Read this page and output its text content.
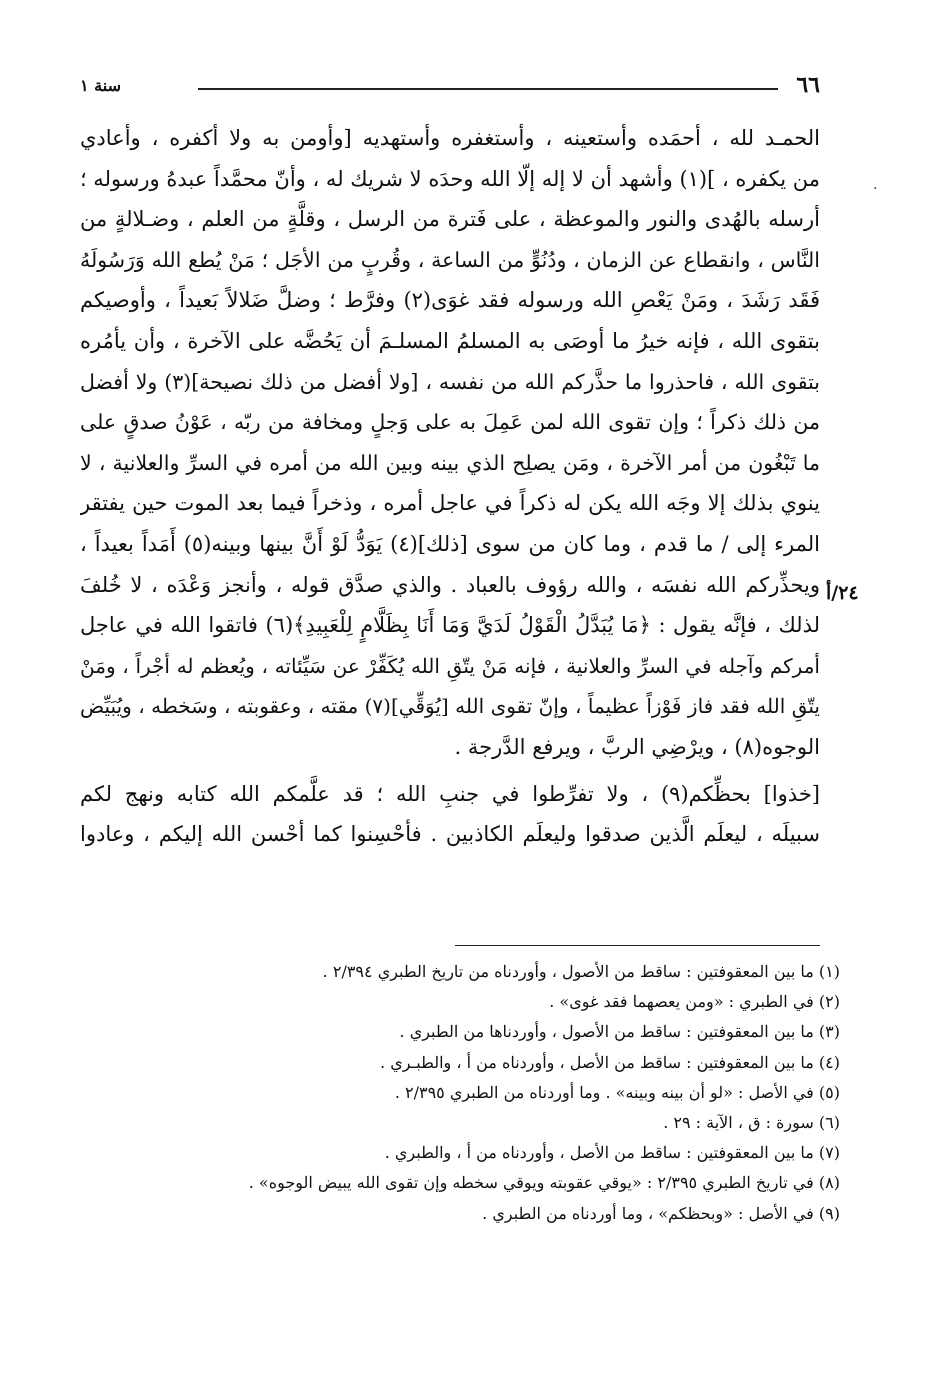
سنة ١	٦٦
·
٢٤/أ
الحمـد لله ، أحمَده وأستعينه ، وأستغفره وأستهديه [وأومن به ولا أكفره ، وأعادي
من يكفره ، ](١) وأشهد أن لا إله إلّا الله وحدَه لا شريك له ، وأنّ محمَّداً عبدهُ ورسوله ؛
أرسله بالهُدى والنور والموعظة ، على فَترة من الرسل ، وقلَّةٍ من العلم ، وضـلالةٍ من
النَّاس ، وانقطاع عن الزمان ، ودُنُوٍّ من الساعة ، وقُربٍ من الأجَل ؛ مَنْ يُطع الله وَرَسُولَهُ
فَقَد رَشَدَ ، ومَنْ يَعْصِ الله ورسوله فقد غوَى(٢) وفرَّط ؛ وضلَّ ضَلالاً بَعيداً ، وأوصيكم
بتقوى الله ، فإنه خيرُ ما أوصَى به المسلمُ المسلـمَ أن يَحُضَّه على الآخرة ، وأن يأمُره
بتقوى الله ، فاحذروا ما حذَّركم الله من نفسه ، [ولا أفضل من ذلك نصيحة](٣) ولا أفضل
من ذلك ذكراً ؛ وإن تقوى الله لمن عَمِلَ به على وَجلٍ ومخافة من ربّه ، عَوْنُ صدقٍ على
ما تَبْغُون من أمر الآخرة ، ومَن يصلِح الذي بينه وبين الله من أمره في السرِّ والعلانية ، لا
ينوي بذلك إلا وجَه الله يكن له ذكراً في عاجل أمره ، وذخراً فيما بعد الموت حين يفتقر
المرء إلى / ما قدم ، وما كان من سوى [ذلك](٤) يَوَدُّ لَوْ أَنَّ بينها وبينه(٥) أَمَداً بعيداً ،
ويحذِّركم الله نفسَه ، والله رؤوف بالعباد . والذي صدَّق قوله ، وأنجز وَعْدَه ، لا خُلفَ
لذلك ، فإنَّه يقول : ﴿مَا يُبَدَّلُ الْقَوْلُ لَدَيَّ وَمَا أَنَا بِظَلَّامٍ لِلْعَبِيدِ﴾(٦) فاتقوا الله في عاجل
أمركم وآجله في السرِّ والعلانية ، فإنه مَنْ يتّقِ الله يُكَفِّرْ عن سَيِّئاته ، ويُعظم له أجْراً ، ومَنْ
يتّقِ الله فقد فاز فَوْزاً عظيماً ، وإنّ تقوى الله [يُوَقِّي](٧) مقته ، وعقوبته ، وسَخطه ، ويُبَيِّض
الوجوه(٨) ، ويرْضِي الربَّ ، ويرفع الدَّرجة .
[خذوا] بحظِّكم(٩) ، ولا تفرِّطوا في جنبِ الله ؛ قد علَّمكم الله كتابه ونهج لكم
سبيلَه ، ليعلَم الَّذين صدقوا وليعلَم الكاذبين . فأحْسِنوا كما أحْسن الله إليكم ، وعادوا
(١) ما بين المعقوفتين : ساقط من الأصول ، وأوردناه من تاريخ الطبري ٢/٣٩٤ .
(٢) في الطبري : «ومن يعصهما فقد غوى» .
(٣) ما بين المعقوفتين : ساقط من الأصول ، وأوردناها من الطبري .
(٤) ما بين المعقوفتين : ساقط من الأصل ، وأوردناه من أ ، والطبـري .
(٥) في الأصل : «لو أن بينه وبينه» . وما أوردناه من الطبري ٢/٣٩٥ .
(٦) سورة : ق ، الآية : ٢٩ .
(٧) ما بين المعقوفتين : ساقط من الأصل ، وأوردناه من أ ، والطبري .
(٨) في تاريخ الطبري ٢/٣٩٥ : «يوقي عقوبته ويوقي سخطه وإن تقوى الله يبيض الوجوه» .
(٩) في الأصل : «وبحظكم» ، وما أوردناه من الطبري .
